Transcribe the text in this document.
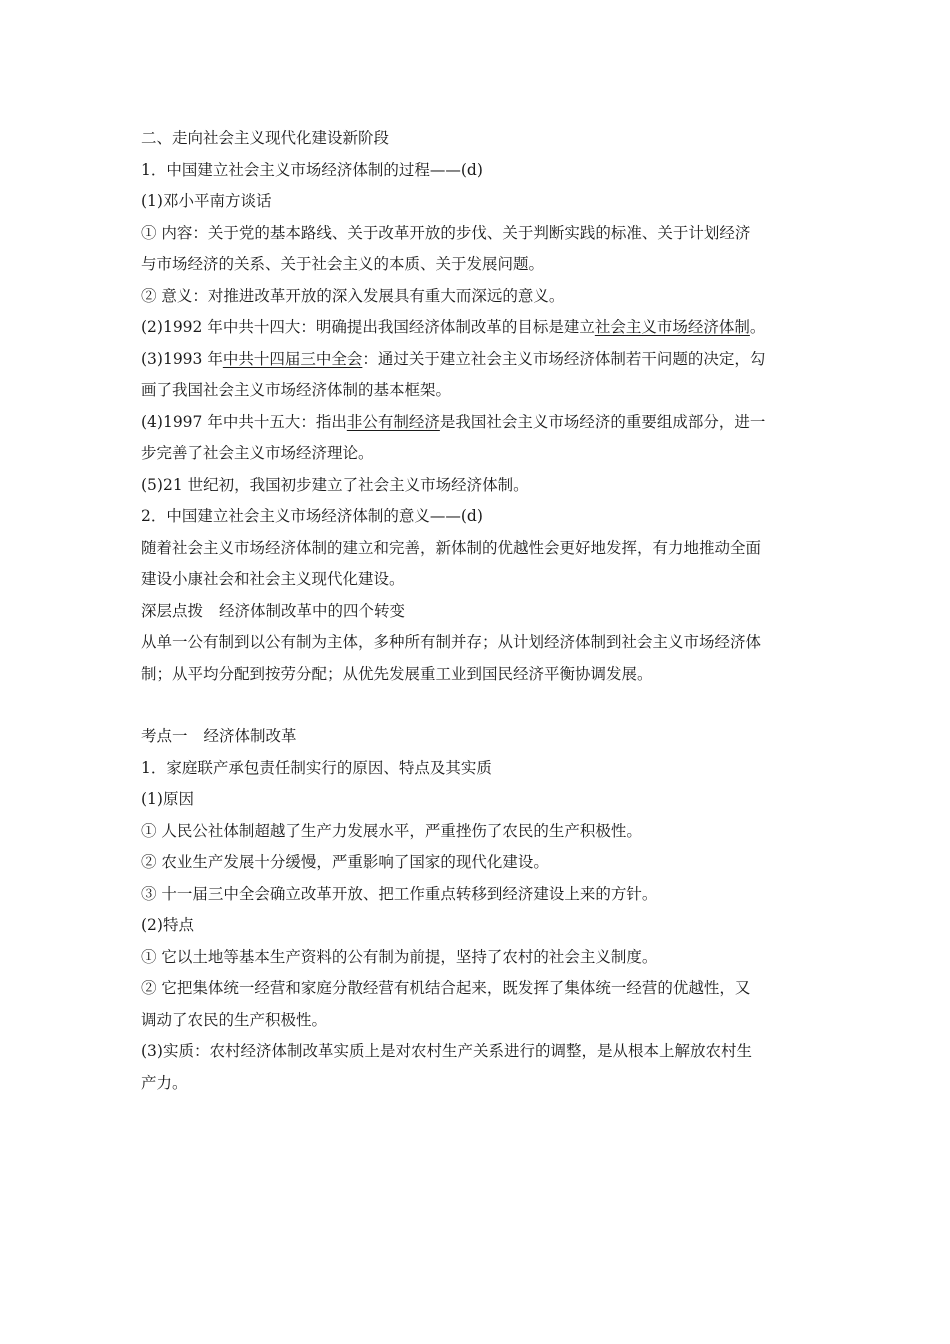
二、走向社会主义现代化建设新阶段
1．中国建立社会主义市场经济体制的过程——(d)
(1)邓小平南方谈话
① 内容：关于党的基本路线、关于改革开放的步伐、关于判断实践的标准、关于计划经济
与市场经济的关系、关于社会主义的本质、关于发展问题。
② 意义：对推进改革开放的深入发展具有重大而深远的意义。
(2)1992 年中共十四大：明确提出我国经济体制改革的目标是建立社会主义市场经济体制。
(3)1993 年中共十四届三中全会：通过关于建立社会主义市场经济体制若干问题的决定，勾
画了我国社会主义市场经济体制的基本框架。
(4)1997 年中共十五大：指出非公有制经济是我国社会主义市场经济的重要组成部分，进一
步完善了社会主义市场经济理论。
(5)21 世纪初，我国初步建立了社会主义市场经济体制。
2．中国建立社会主义市场经济体制的意义——(d)
随着社会主义市场经济体制的建立和完善，新体制的优越性会更好地发挥，有力地推动全面
建设小康社会和社会主义现代化建设。
深层点拨 经济体制改革中的四个转变
从单一公有制到以公有制为主体，多种所有制并存；从计划经济体制到社会主义市场经济体
制；从平均分配到按劳分配；从优先发展重工业到国民经济平衡协调发展。
考点一 经济体制改革
1．家庭联产承包责任制实行的原因、特点及其实质
(1)原因
① 人民公社体制超越了生产力发展水平，严重挫伤了农民的生产积极性。
② 农业生产发展十分缓慢，严重影响了国家的现代化建设。
③ 十一届三中全会确立改革开放、把工作重点转移到经济建设上来的方针。
(2)特点
① 它以土地等基本生产资料的公有制为前提，坚持了农村的社会主义制度。
② 它把集体统一经营和家庭分散经营有机结合起来，既发挥了集体统一经营的优越性，又
调动了农民的生产积极性。
(3)实质：农村经济体制改革实质上是对农村生产关系进行的调整，是从根本上解放农村生
产力。
